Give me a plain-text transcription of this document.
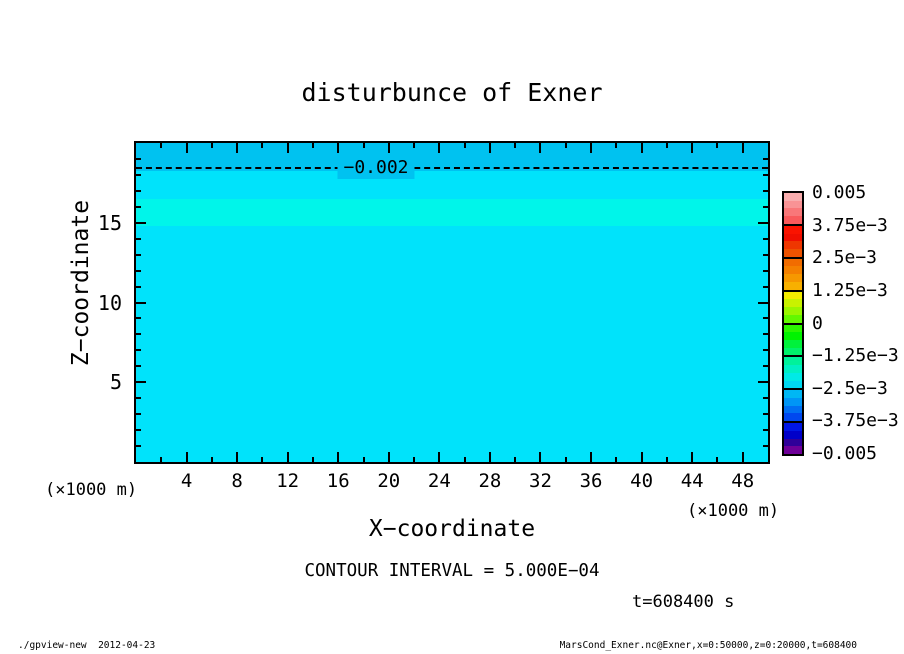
disturbunce of Exner
Z−coordinate
−0.002
(×1000 m)
(×1000 m)
X−coordinate
CONTOUR INTERVAL = 5.000E−04
t=608400 s
./gpview-new  2012-04-23	MarsCond_Exner.nc@Exner,x=0:50000,z=0:20000,t=608400
4	8	12	16	20	24	28	32	36	40	44	48
5
10
15
0.005
3.75e−3
2.5e−3
1.25e−3
0
−1.25e−3
−2.5e−3
−3.75e−3
−0.005
